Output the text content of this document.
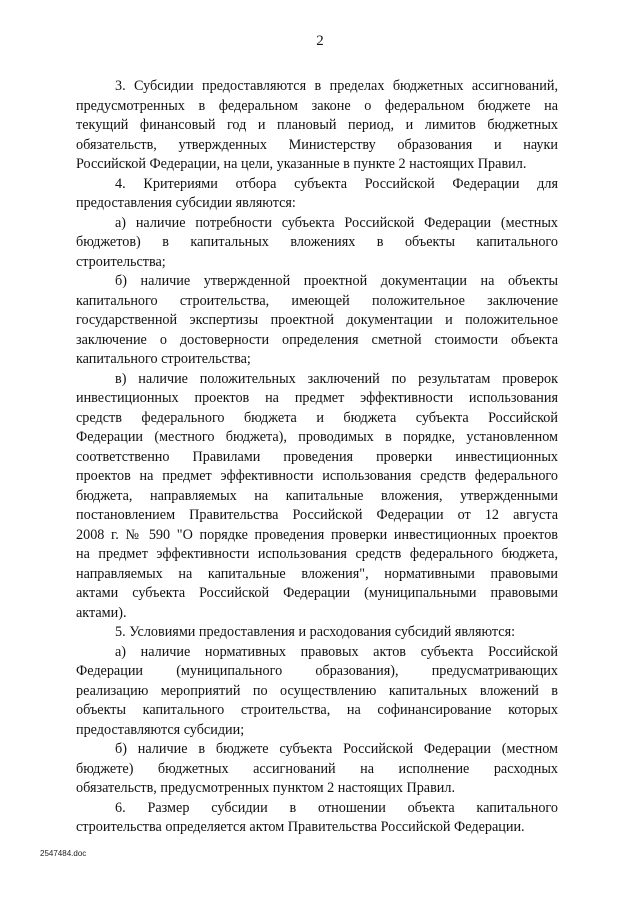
2
3. Субсидии предоставляются в пределах бюджетных ассигнований,
предусмотренных в федеральном законе о федеральном бюджете на
текущий финансовый год и плановый период, и лимитов бюджетных
обязательств, утвержденных Министерству образования и науки
Российской Федерации, на цели, указанные в пункте 2 настоящих Правил.
4. Критериями отбора субъекта Российской Федерации для
предоставления субсидии являются:
а) наличие потребности субъекта Российской Федерации (местных
бюджетов) в капитальных вложениях в объекты капитального
строительства;
б) наличие утвержденной проектной документации на объекты
капитального строительства, имеющей положительное заключение
государственной экспертизы проектной документации и положительное
заключение о достоверности определения сметной стоимости объекта
капитального строительства;
в) наличие положительных заключений по результатам проверок
инвестиционных проектов на предмет эффективности использования
средств федерального бюджета и бюджета субъекта Российской
Федерации (местного бюджета), проводимых в порядке, установленном
соответственно Правилами проведения проверки инвестиционных
проектов на предмет эффективности использования средств федерального
бюджета, направляемых на капитальные вложения, утвержденными
постановлением Правительства Российской Федерации от 12 августа
2008 г. № 590 "О порядке проведения проверки инвестиционных проектов
на предмет эффективности использования средств федерального бюджета,
направляемых на капитальные вложения", нормативными правовыми
актами субъекта Российской Федерации (муниципальными правовыми
актами).
5. Условиями предоставления и расходования субсидий являются:
а) наличие нормативных правовых актов субъекта Российской
Федерации (муниципального образования), предусматривающих
реализацию мероприятий по осуществлению капитальных вложений в
объекты капитального строительства, на софинансирование которых
предоставляются субсидии;
б) наличие в бюджете субъекта Российской Федерации (местном
бюджете) бюджетных ассигнований на исполнение расходных
обязательств, предусмотренных пунктом 2 настоящих Правил.
6. Размер субсидии в отношении объекта капитального
строительства определяется актом Правительства Российской Федерации.
2547484.doc
